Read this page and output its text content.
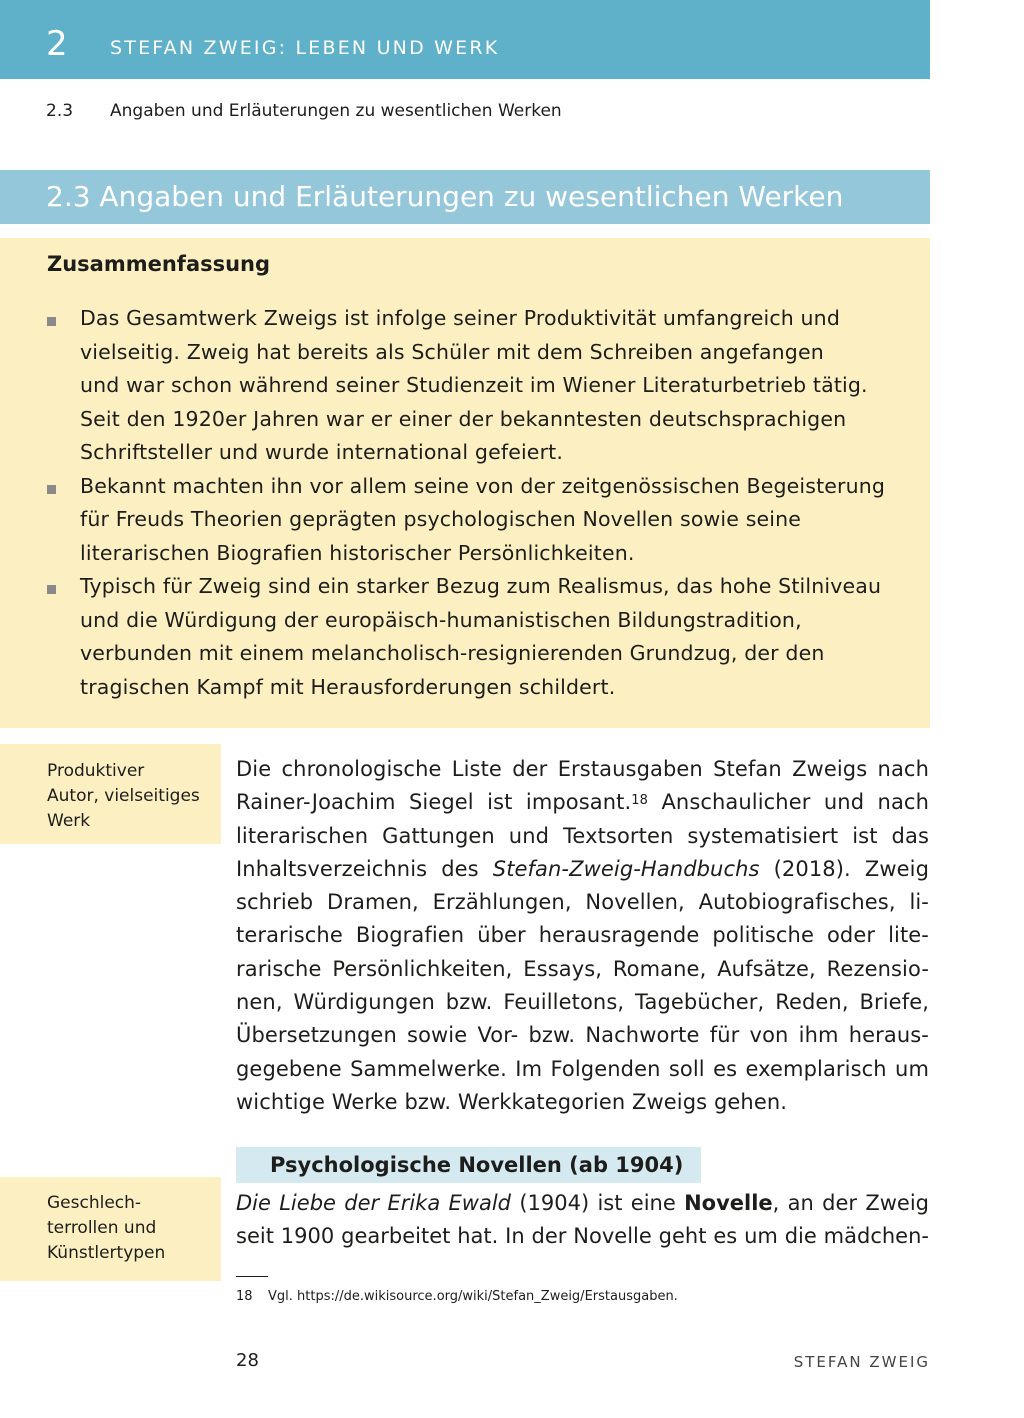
2 STEFAN ZWEIG: LEBEN UND WERK
2.3 Angaben und Erläuterungen zu wesentlichen Werken
2.3 Angaben und Erläuterungen zu wesentlichen Werken
Zusammenfassung
Das Gesamtwerk Zweigs ist infolge seiner Produktivität umfangreich und
vielseitig. Zweig hat bereits als Schüler mit dem Schreiben angefangen
und war schon während seiner Studienzeit im Wiener Literaturbetrieb tätig.
Seit den 1920er Jahren war er einer der bekanntesten deutschsprachigen
Schriftsteller und wurde international gefeiert.
Bekannt machten ihn vor allem seine von der zeitgenössischen Begeisterung
für Freuds Theorien geprägten psychologischen Novellen sowie seine
literarischen Biografien historischer Persönlichkeiten.
Typisch für Zweig sind ein starker Bezug zum Realismus, das hohe Stilniveau
und die Würdigung der europäisch-humanistischen Bildungstradition,
verbunden mit einem melancholisch-resignierenden Grundzug, der den
tragischen Kampf mit Herausforderungen schildert.
Produktiver
Autor, vielseitiges
Werk
Geschlech-
terrollen und
Künstlertypen
Die chronologische Liste der Erstausgaben Stefan Zweigs nach
Rainer-Joachim Siegel ist imposant.$^{18}$ Anschaulicher und nach
literarischen Gattungen und Textsorten systematisiert ist das
Inhaltsverzeichnis des Stefan-Zweig-Handbuchs (2018). Zweig
schrieb Dramen, Erzählungen, Novellen, Autobiografisches, li-
terarische Biografien über herausragende politische oder lite-
rarische Persönlichkeiten, Essays, Romane, Aufsätze, Rezensio-
nen, Würdigungen bzw. Feuilletons, Tagebücher, Reden, Briefe,
Übersetzungen sowie Vor- bzw. Nachworte für von ihm heraus-
gegebene Sammelwerke. Im Folgenden soll es exemplarisch um
wichtige Werke bzw. Werkkategorien Zweigs gehen.
Psychologische Novellen (ab 1904)
Die Liebe der Erika Ewald (1904) ist eine Novelle, an der Zweig
seit 1900 gearbeitet hat. In der Novelle geht es um die mädchen-
18 Vgl. https://de.wikisource.org/wiki/Stefan_Zweig/Erstausgaben.
28	STEFAN ZWEIG
